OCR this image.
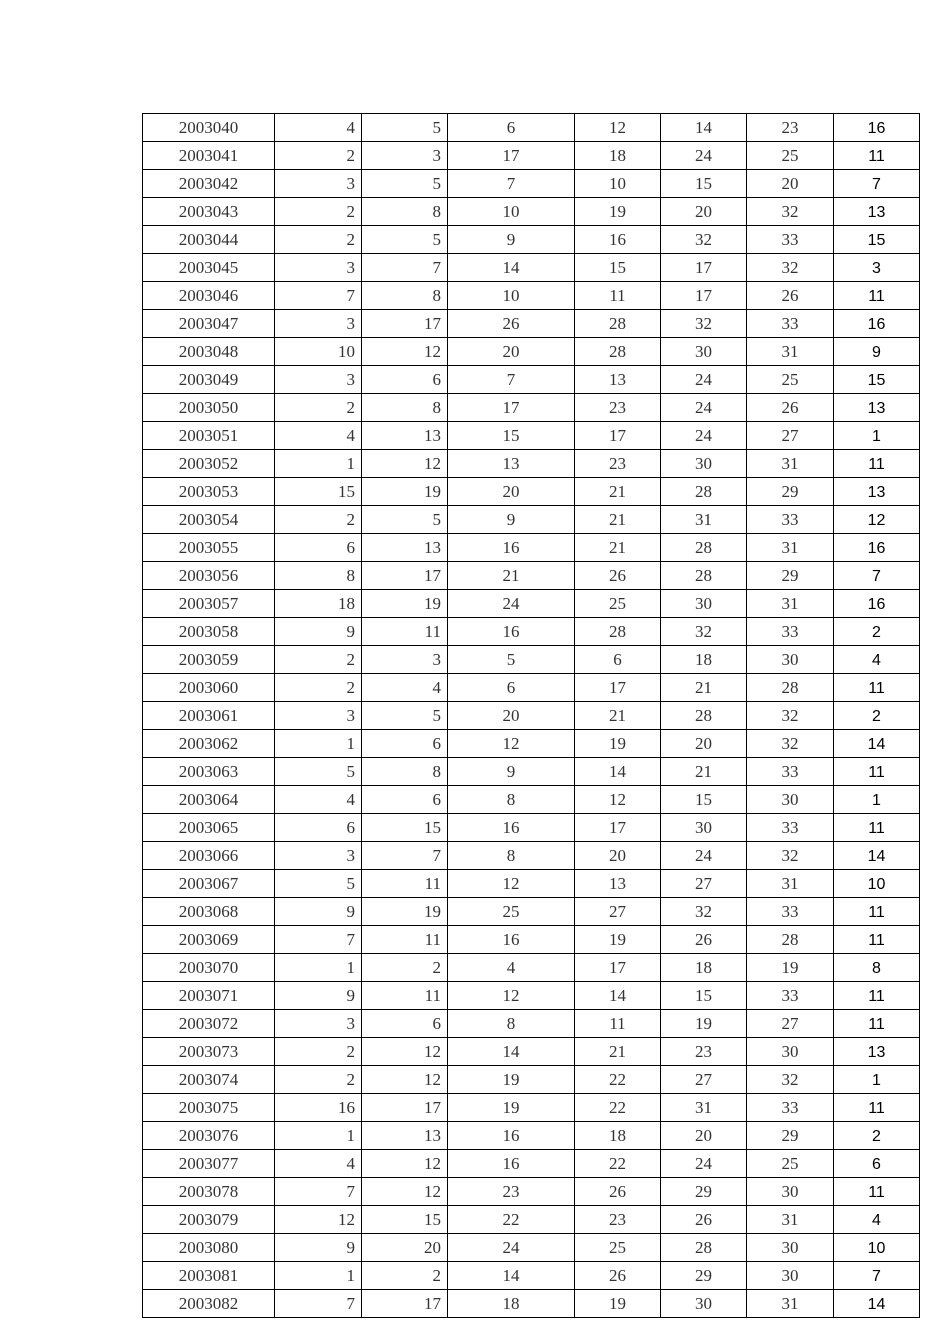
2003040	4	5	6	12	14	23	16
2003041	2	3	17	18	24	25	11
2003042	3	5	7	10	15	20	7
2003043	2	8	10	19	20	32	13
2003044	2	5	9	16	32	33	15
2003045	3	7	14	15	17	32	3
2003046	7	8	10	11	17	26	11
2003047	3	17	26	28	32	33	16
2003048	10	12	20	28	30	31	9
2003049	3	6	7	13	24	25	15
2003050	2	8	17	23	24	26	13
2003051	4	13	15	17	24	27	1
2003052	1	12	13	23	30	31	11
2003053	15	19	20	21	28	29	13
2003054	2	5	9	21	31	33	12
2003055	6	13	16	21	28	31	16
2003056	8	17	21	26	28	29	7
2003057	18	19	24	25	30	31	16
2003058	9	11	16	28	32	33	2
2003059	2	3	5	6	18	30	4
2003060	2	4	6	17	21	28	11
2003061	3	5	20	21	28	32	2
2003062	1	6	12	19	20	32	14
2003063	5	8	9	14	21	33	11
2003064	4	6	8	12	15	30	1
2003065	6	15	16	17	30	33	11
2003066	3	7	8	20	24	32	14
2003067	5	11	12	13	27	31	10
2003068	9	19	25	27	32	33	11
2003069	7	11	16	19	26	28	11
2003070	1	2	4	17	18	19	8
2003071	9	11	12	14	15	33	11
2003072	3	6	8	11	19	27	11
2003073	2	12	14	21	23	30	13
2003074	2	12	19	22	27	32	1
2003075	16	17	19	22	31	33	11
2003076	1	13	16	18	20	29	2
2003077	4	12	16	22	24	25	6
2003078	7	12	23	26	29	30	11
2003079	12	15	22	23	26	31	4
2003080	9	20	24	25	28	30	10
2003081	1	2	14	26	29	30	7
2003082	7	17	18	19	30	31	14
